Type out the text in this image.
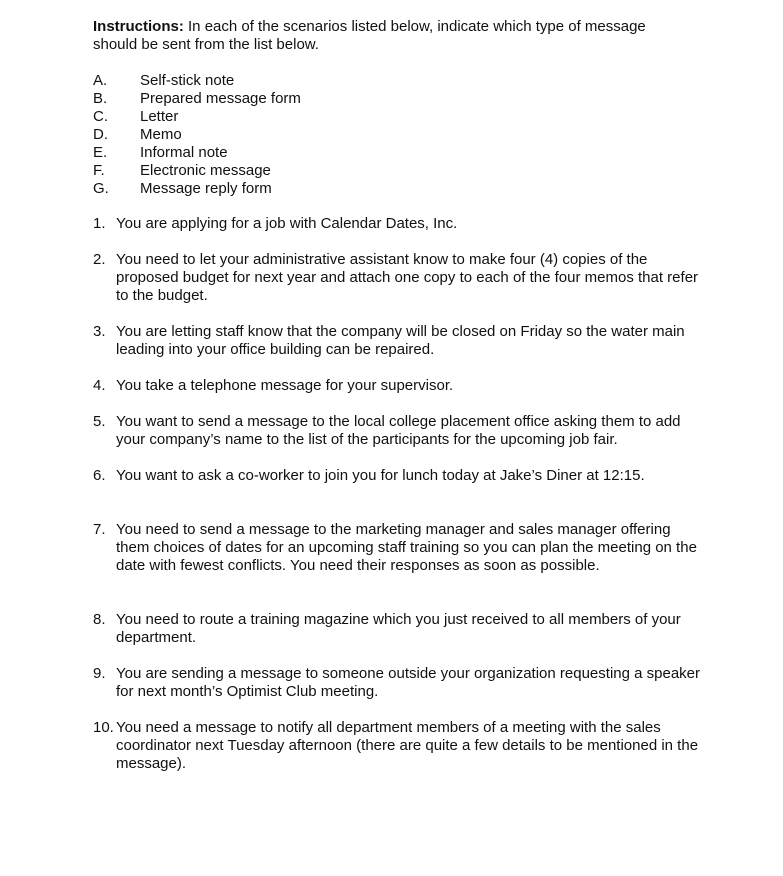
Instructions: In each of the scenarios listed below, indicate which type of message should be sent from the list below.

A.	Self-stick note
B.	Prepared message form
C.	Letter
D.	Memo
E.	Informal note
F.	Electronic message
G.	Message reply form
1. You are applying for a job with Calendar Dates, Inc.
2. You need to let your administrative assistant know to make four (4) copies of the proposed budget for next year and attach one copy to each of the four memos that refer to the budget.
3. You are letting staff know that the company will be closed on Friday so the water main leading into your office building can be repaired.
4. You take a telephone message for your supervisor.
5. You want to send a message to the local college placement office asking them to add your company’s name to the list of the participants for the upcoming job fair.
6. You want to ask a co-worker to join you for lunch today at Jake’s Diner at 12:15.
7. You need to send a message to the marketing manager and sales manager offering them choices of dates for an upcoming staff training so you can plan the meeting on the date with fewest conflicts. You need their responses as soon as possible.
8. You need to route a training magazine which you just received to all members of your department.
9. You are sending a message to someone outside your organization requesting a speaker for next month’s Optimist Club meeting.
10. You need a message to notify all department members of a meeting with the sales coordinator next Tuesday afternoon (there are quite a few details to be mentioned in the message).
